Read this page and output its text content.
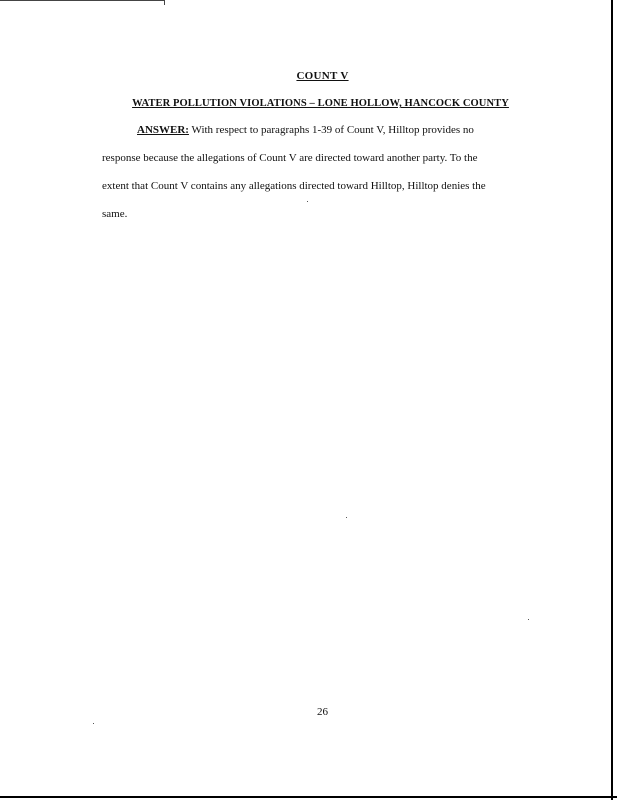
COUNT V
WATER POLLUTION VIOLATIONS – LONE HOLLOW, HANCOCK COUNTY
ANSWER: With respect to paragraphs 1-39 of Count V, Hilltop provides no
response because the allegations of Count V are directed toward another party. To the
extent that Count V contains any allegations directed toward Hilltop, Hilltop denies the
same.
26
